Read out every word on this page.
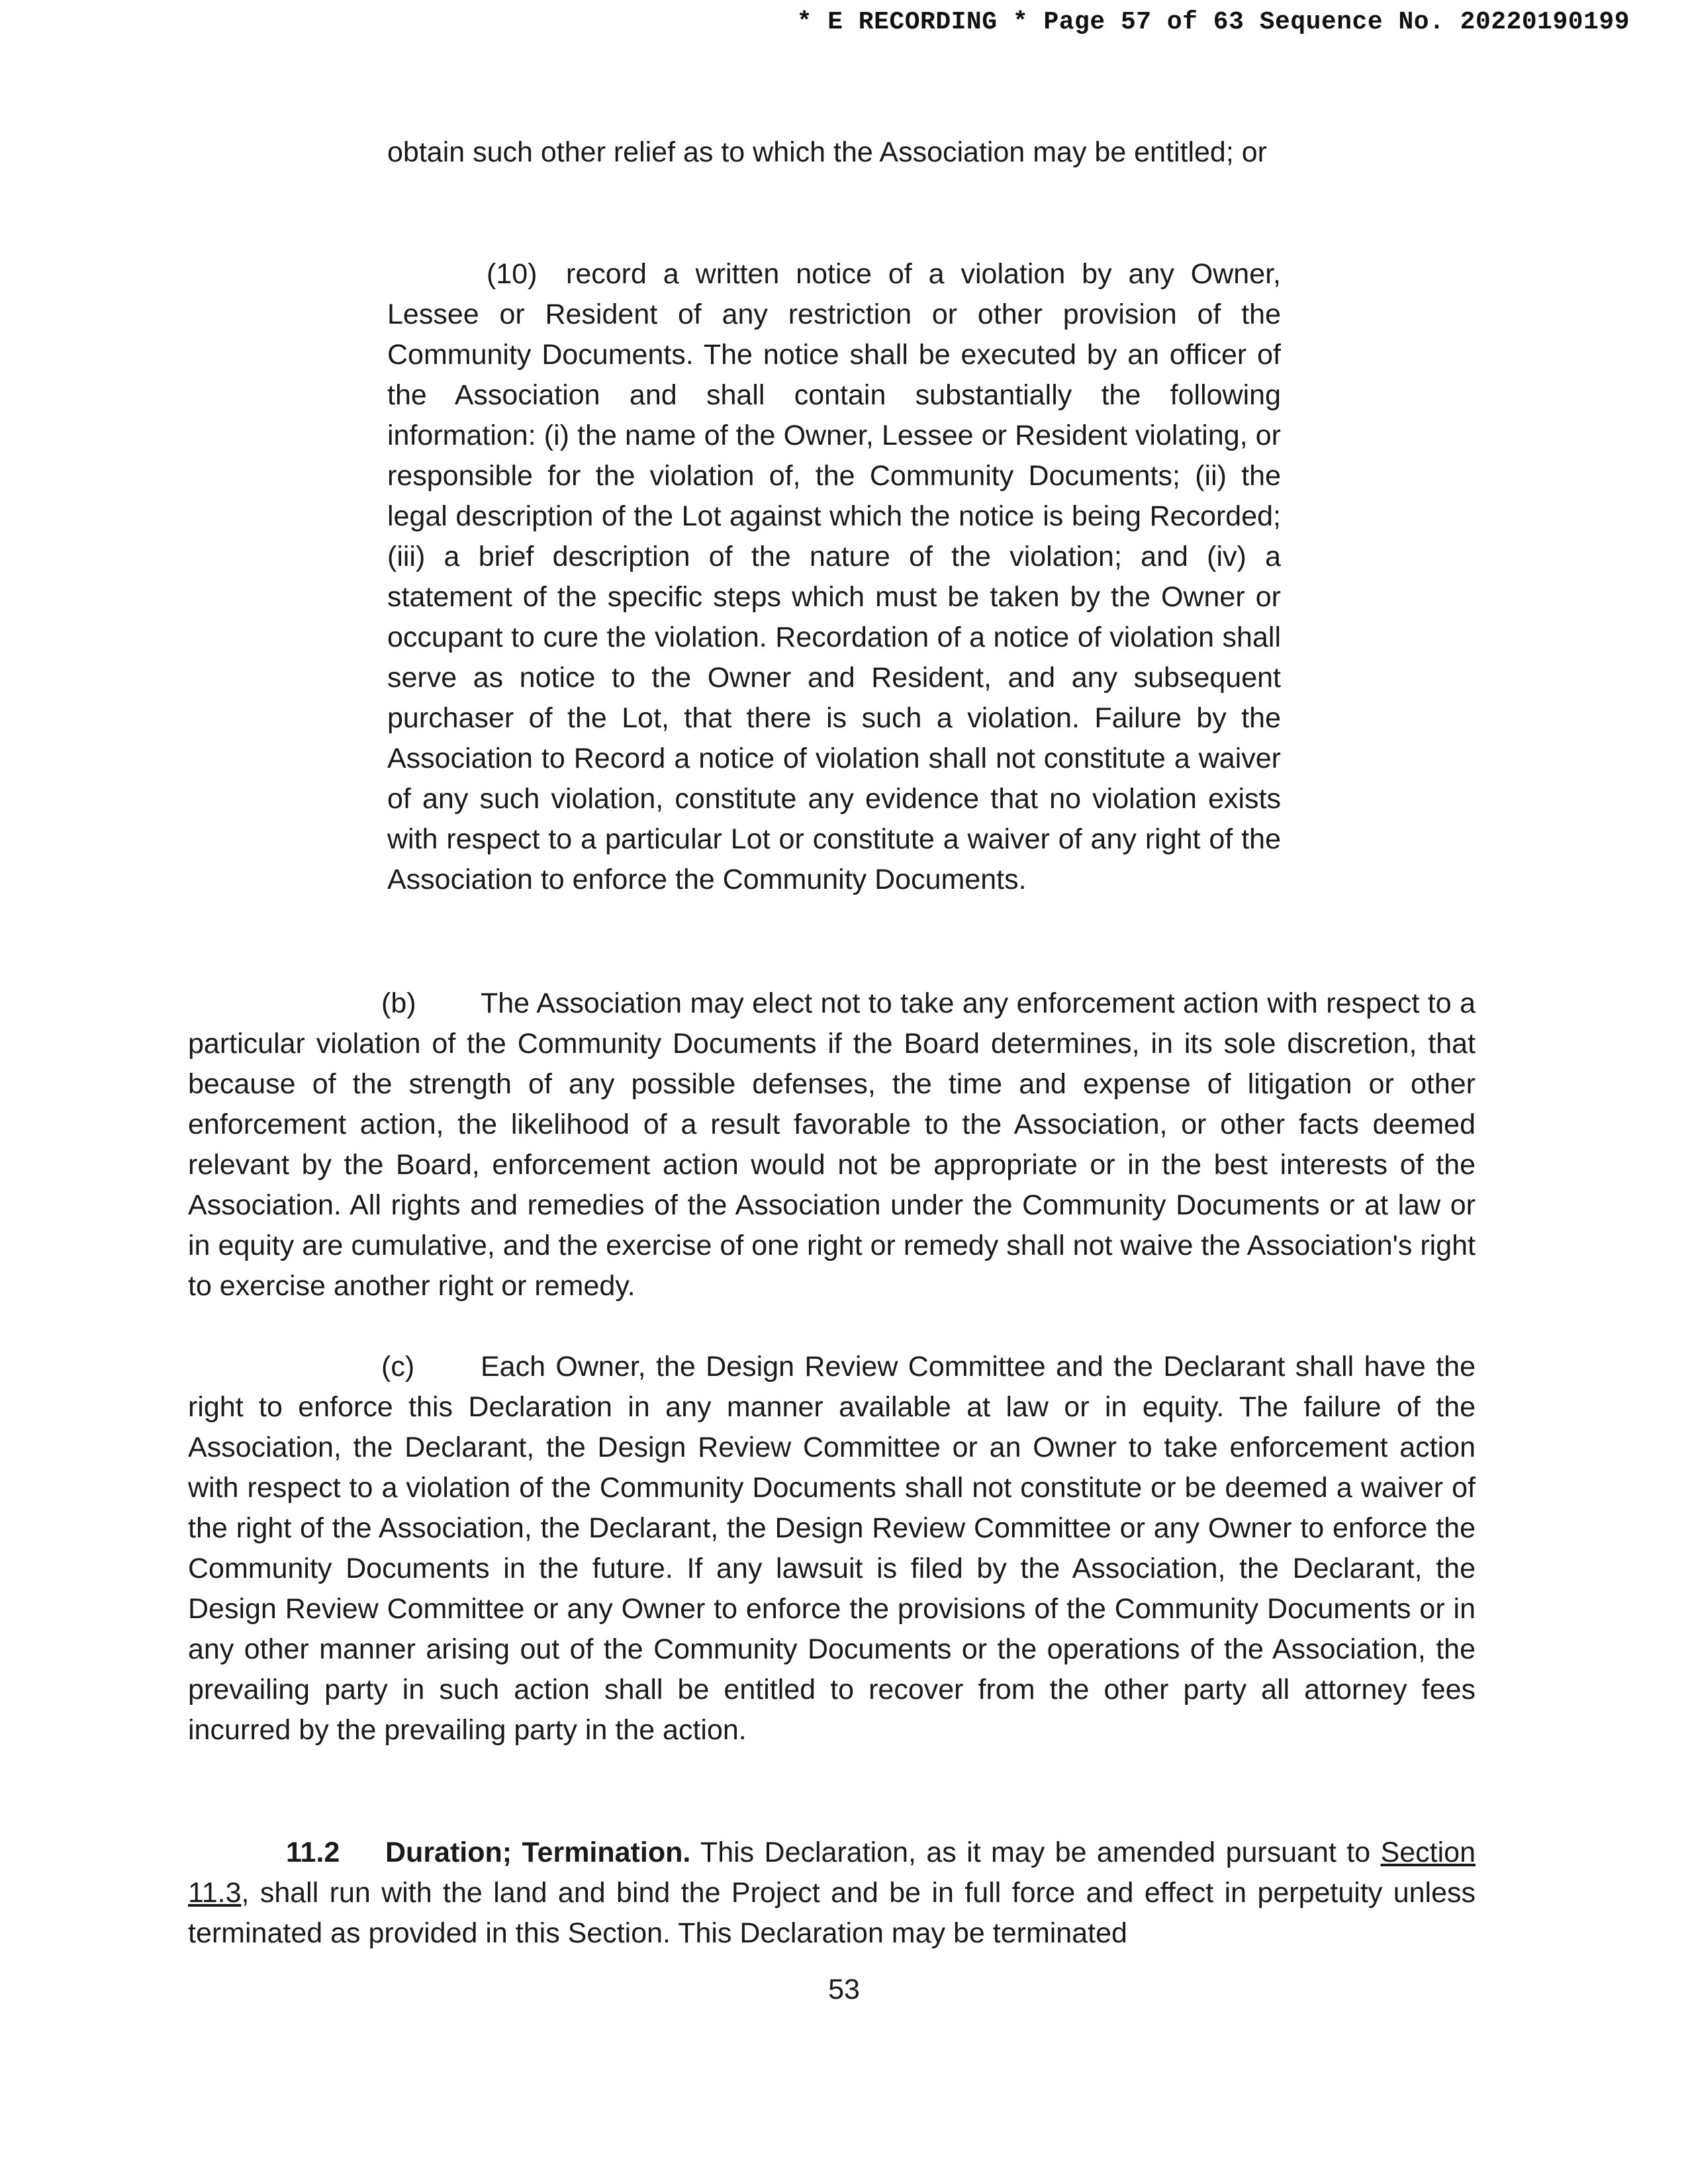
* E RECORDING * Page 57 of 63 Sequence No. 20220190199

obtain such other relief as to which the Association may be entitled; or

(10) record a written notice of a violation by any Owner, Lessee or Resident of any restriction or other provision of the Community Documents. The notice shall be executed by an officer of the Association and shall contain substantially the following information: (i) the name of the Owner, Lessee or Resident violating, or responsible for the violation of, the Community Documents; (ii) the legal description of the Lot against which the notice is being Recorded; (iii) a brief description of the nature of the violation; and (iv) a statement of the specific steps which must be taken by the Owner or occupant to cure the violation. Recordation of a notice of violation shall serve as notice to the Owner and Resident, and any subsequent purchaser of the Lot, that there is such a violation. Failure by the Association to Record a notice of violation shall not constitute a waiver of any such violation, constitute any evidence that no violation exists with respect to a particular Lot or constitute a waiver of any right of the Association to enforce the Community Documents.

(b) The Association may elect not to take any enforcement action with respect to a particular violation of the Community Documents if the Board determines, in its sole discretion, that because of the strength of any possible defenses, the time and expense of litigation or other enforcement action, the likelihood of a result favorable to the Association, or other facts deemed relevant by the Board, enforcement action would not be appropriate or in the best interests of the Association. All rights and remedies of the Association under the Community Documents or at law or in equity are cumulative, and the exercise of one right or remedy shall not waive the Association's right to exercise another right or remedy.

(c) Each Owner, the Design Review Committee and the Declarant shall have the right to enforce this Declaration in any manner available at law or in equity. The failure of the Association, the Declarant, the Design Review Committee or an Owner to take enforcement action with respect to a violation of the Community Documents shall not constitute or be deemed a waiver of the right of the Association, the Declarant, the Design Review Committee or any Owner to enforce the Community Documents in the future. If any lawsuit is filed by the Association, the Declarant, the Design Review Committee or any Owner to enforce the provisions of the Community Documents or in any other manner arising out of the Community Documents or the operations of the Association, the prevailing party in such action shall be entitled to recover from the other party all attorney fees incurred by the prevailing party in the action.

11.2 Duration; Termination. This Declaration, as it may be amended pursuant to Section 11.3, shall run with the land and bind the Project and be in full force and effect in perpetuity unless terminated as provided in this Section. This Declaration may be terminated

53
